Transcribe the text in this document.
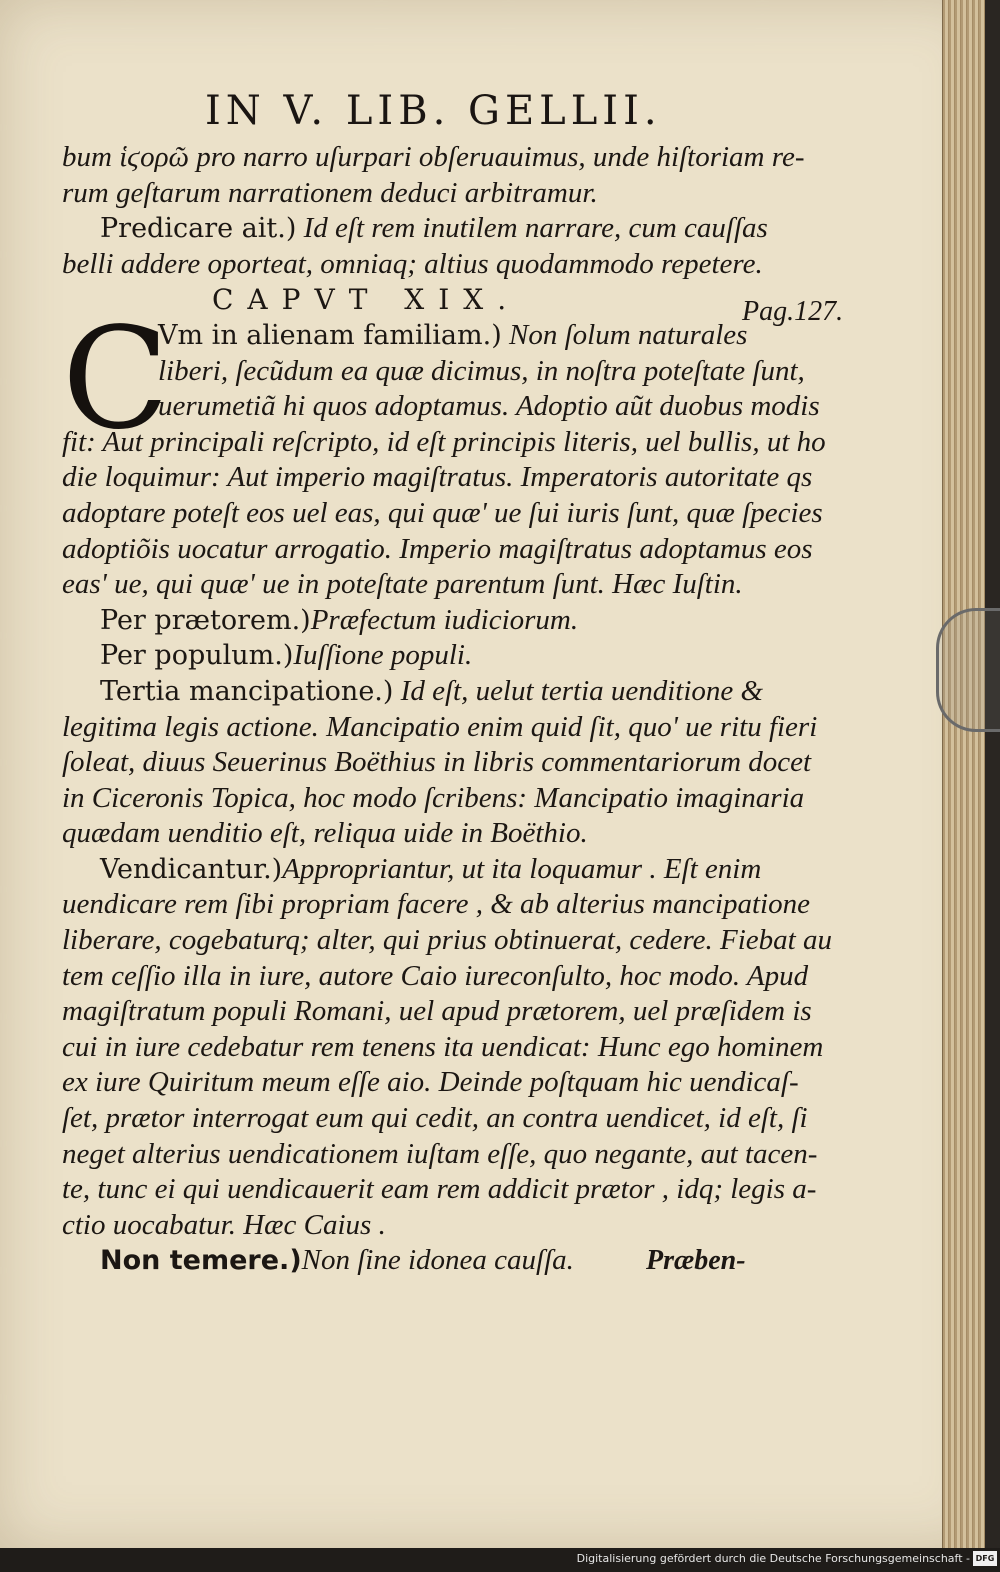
IN V. LIB. GELLII.
Pag.127.
bum ἱϛορῶ pro narro uſurpari obſeruauimus, unde hiſtoriam re-
rum geſtarum narrationem deduci arbitramur.
Predicare ait.) Id eſt rem inutilem narrare, cum cauſſas
belli addere oporteat, omniaq; altius quodammodo repetere.
CAPVT XIX.
C
Vm in alienam familiam.) Non ſolum naturales
liberi, ſecũdum ea quæ dicimus, in noſtra poteſtate ſunt,
uerumetiã hi quos adoptamus. Adoptio aũt duobus modis
fit: Aut principali reſcripto, id eſt principis literis, uel bullis, ut ho
die loquimur: Aut imperio magiſtratus. Imperatoris autoritate qs
adoptare poteſt eos uel eas, qui quæ' ue ſui iuris ſunt, quæ ſpecies
adoptiõis uocatur arrogatio. Imperio magiſtratus adoptamus eos
eas' ue, qui quæ' ue in poteſtate parentum ſunt. Hæc Iuſtin.
Per prætorem.)Præfectum iudiciorum.
Per populum.)Iuſſione populi.
Tertia mancipatione.) Id eſt, uelut tertia uenditione &
legitima legis actione. Mancipatio enim quid ſit, quo' ue ritu fieri
ſoleat, diuus Seuerinus Boëthius in libris commentariorum docet
in Ciceronis Topica, hoc modo ſcribens: Mancipatio imaginaria
quædam uenditio eſt, reliqua uide in Boëthio.
Vendicantur.)Appropriantur, ut ita loquamur . Eſt enim
uendicare rem ſibi propriam facere , & ab alterius mancipatione
liberare, cogebaturq; alter, qui prius obtinuerat, cedere. Fiebat au
tem ceſſio illa in iure, autore Caio iureconſulto, hoc modo. Apud
magiſtratum populi Romani, uel apud prætorem, uel præſidem is
cui in iure cedebatur rem tenens ita uendicat: Hunc ego hominem
ex iure Quiritum meum eſſe aio. Deinde poſtquam hic uendicaſ-
ſet, prætor interrogat eum qui cedit, an contra uendicet, id eſt, ſi
neget alterius uendicationem iuſtam eſſe, quo negante, aut tacen-
te, tunc ei qui uendicauerit eam rem addicit prætor , idq; legis a-
ctio uocabatur. Hæc Caius .
Non temere.)Non ſine idonea cauſſa.	Præben-
Digitalisierung gefördert durch die Deutsche Forschungsgemeinschaft - DFG
